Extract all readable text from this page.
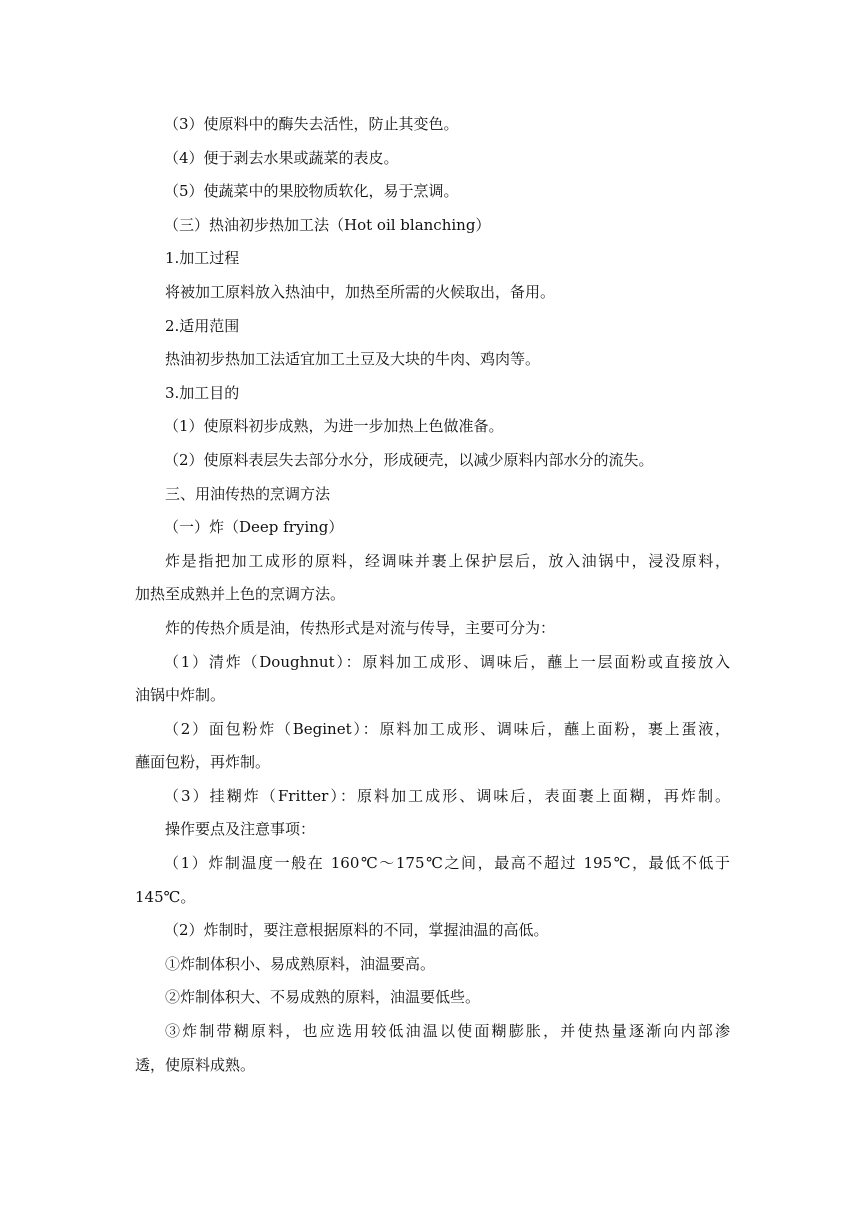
（3）使原料中的酶失去活性，防止其变色。
（4）便于剥去水果或蔬菜的表皮。
（5）使蔬菜中的果胶物质软化，易于烹调。
（三）热油初步热加工法（Hot oil blanching）
1.加工过程
将被加工原料放入热油中，加热至所需的火候取出，备用。
2.适用范围
热油初步热加工法适宜加工土豆及大块的牛肉、鸡肉等。
3.加工目的
（1）使原料初步成熟，为进一步加热上色做准备。
（2）使原料表层失去部分水分，形成硬壳，以减少原料内部水分的流失。
三、用油传热的烹调方法
（一）炸（Deep frying）
炸是指把加工成形的原料，经调味并裹上保护层后，放入油锅中，浸没原料，
加热至成熟并上色的烹调方法。
炸的传热介质是油，传热形式是对流与传导，主要可分为：
（1）清炸（Doughnut）：原料加工成形、调味后，蘸上一层面粉或直接放入
油锅中炸制。
（2）面包粉炸（Beginet）：原料加工成形、调味后，蘸上面粉，裹上蛋液，
蘸面包粉，再炸制。
（3）挂糊炸（Fritter）：原料加工成形、调味后，表面裹上面糊，再炸制。
操作要点及注意事项：
（1）炸制温度一般在 160℃～175℃之间，最高不超过 195℃，最低不低于
145℃。
（2）炸制时，要注意根据原料的不同，掌握油温的高低。
①炸制体积小、易成熟原料，油温要高。
②炸制体积大、不易成熟的原料，油温要低些。
③炸制带糊原料，也应选用较低油温以使面糊膨胀，并使热量逐渐向内部渗
透，使原料成熟。
